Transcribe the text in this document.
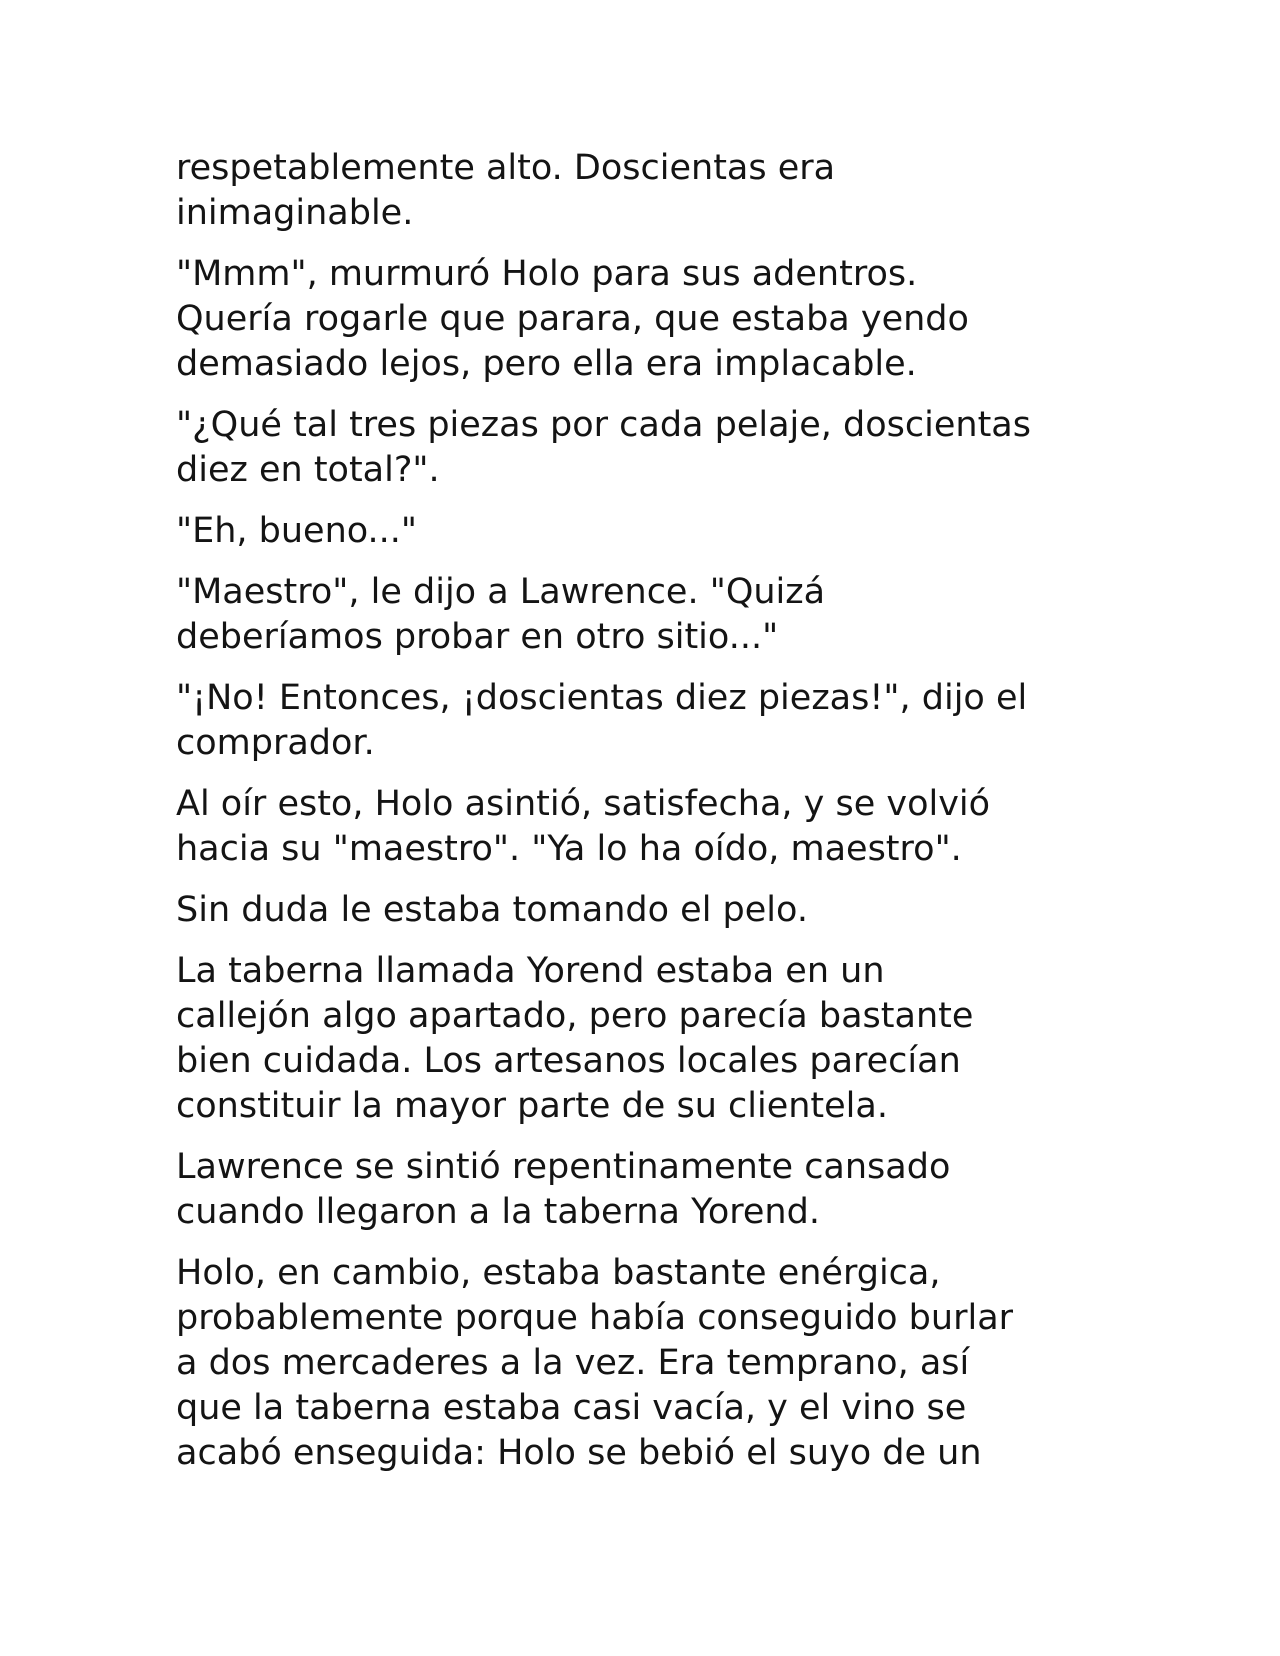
respetablemente alto. Doscientas era
inimaginable.

"Mmm", murmuró Holo para sus adentros.
Quería rogarle que parara, que estaba yendo
demasiado lejos, pero ella era implacable.

"¿Qué tal tres piezas por cada pelaje, doscientas
diez en total?".

"Eh, bueno..."

"Maestro", le dijo a Lawrence. "Quizá
deberíamos probar en otro sitio..."

"¡No! Entonces, ¡doscientas diez piezas!", dijo el
comprador.

Al oír esto, Holo asintió, satisfecha, y se volvió
hacia su "maestro". "Ya lo ha oído, maestro".

Sin duda le estaba tomando el pelo.

La taberna llamada Yorend estaba en un
callejón algo apartado, pero parecía bastante
bien cuidada. Los artesanos locales parecían
constituir la mayor parte de su clientela.

Lawrence se sintió repentinamente cansado
cuando llegaron a la taberna Yorend.

Holo, en cambio, estaba bastante enérgica,
probablemente porque había conseguido burlar
a dos mercaderes a la vez. Era temprano, así
que la taberna estaba casi vacía, y el vino se
acabó enseguida: Holo se bebió el suyo de un
